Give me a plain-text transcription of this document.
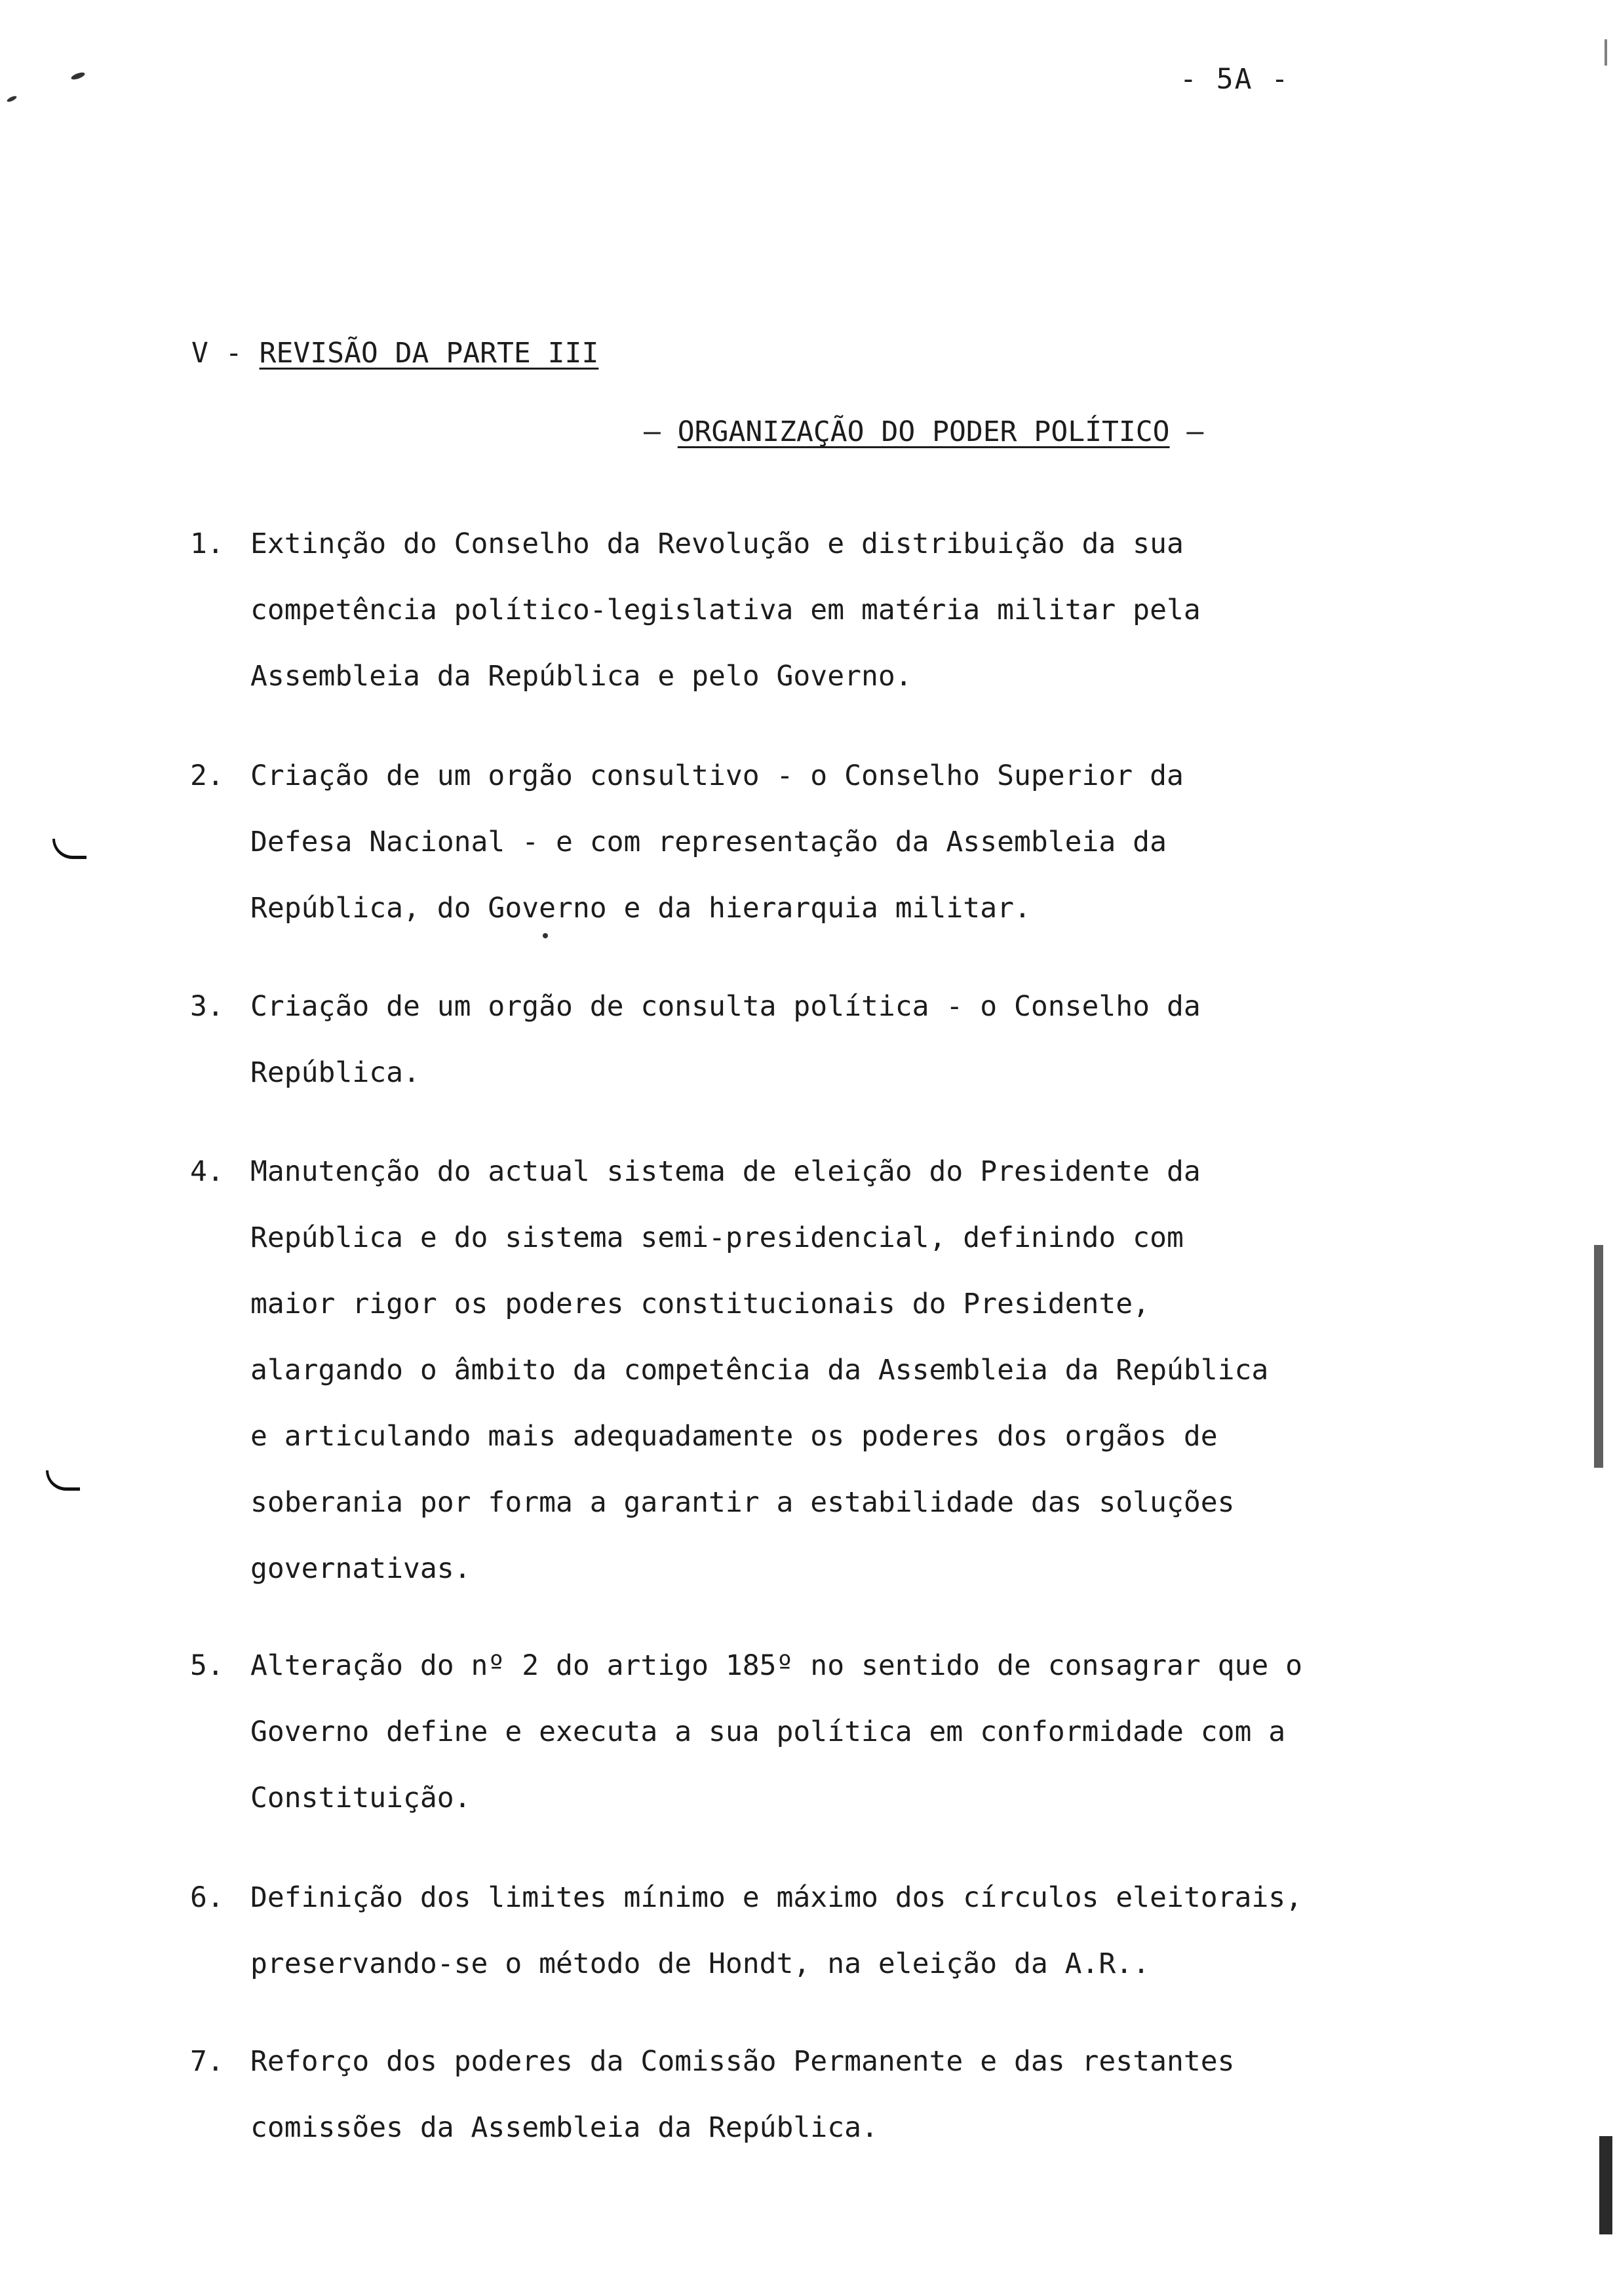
- 5A -
V - REVISÃO DA PARTE III
– ORGANIZAÇÃO DO PODER POLÍTICO –
1. Extinção do Conselho da Revolução e distribuição da sua
competência político-legislativa em matéria militar pela
Assembleia da República e pelo Governo.
2. Criação de um orgão consultivo - o Conselho Superior da
Defesa Nacional - e com representação da Assembleia da
República, do Governo e da hierarquia militar.
3. Criação de um orgão de consulta política - o Conselho da
República.
4. Manutenção do actual sistema de eleição do Presidente da
República e do sistema semi-presidencial, definindo com
maior rigor os poderes constitucionais do Presidente,
alargando o âmbito da competência da Assembleia da República
e articulando mais adequadamente os poderes dos orgãos de
soberania por forma a garantir a estabilidade das soluções
governativas.
5. Alteração do nº 2 do artigo 185º no sentido de consagrar que o
Governo define e executa a sua política em conformidade com a
Constituição.
6. Definição dos limites mínimo e máximo dos círculos eleitorais,
preservando-se o método de Hondt, na eleição da A.R..
7. Reforço dos poderes da Comissão Permanente e das restantes
comissões da Assembleia da República.
